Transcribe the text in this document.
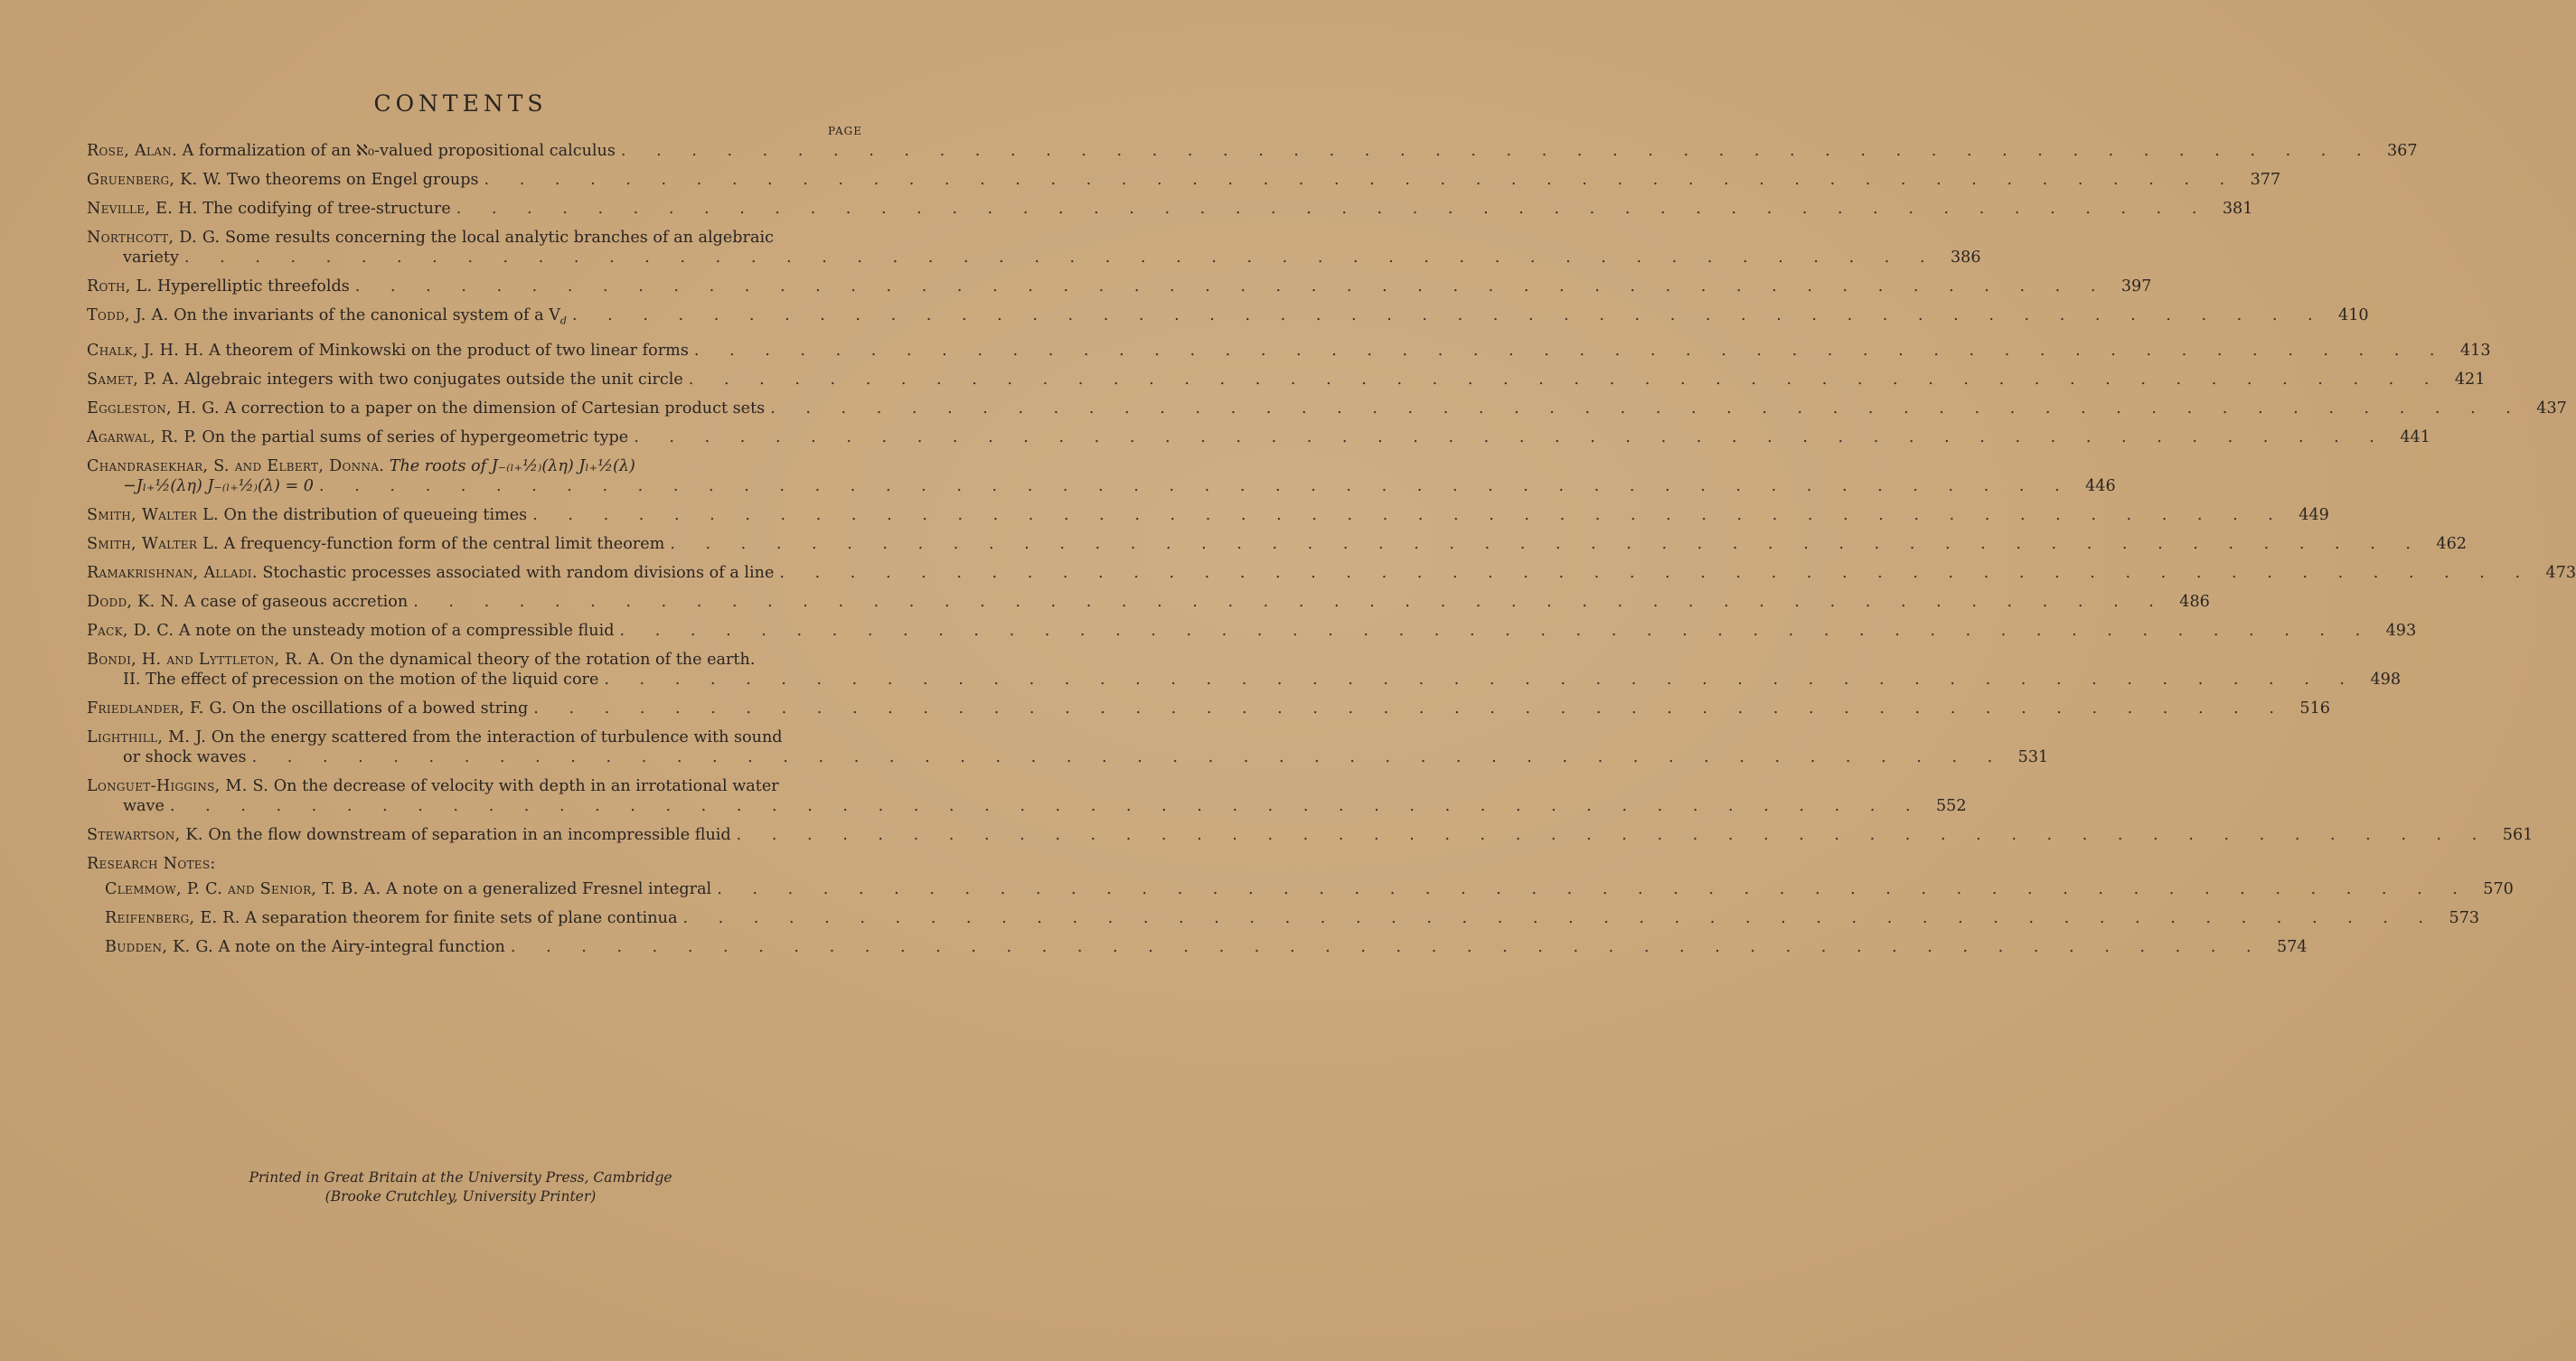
CONTENTS
PAGE
Rose, Alan. A formalization of an ℵ₀-valued propositional calculus . . .	367
Gruenberg, K. W. Two theorems on Engel groups . . .	377
Neville, E. H. The codifying of tree-structure . . .	381
Northcott, D. G. Some results concerning the local analytic branches of an algebraic
variety . . .	386
Roth, L. Hyperelliptic threefolds . . .	397
Todd, J. A. On the invariants of the canonical system of a $V_d$ . . .	410
Chalk, J. H. H. A theorem of Minkowski on the product of two linear forms . . .	413
Samet, P. A. Algebraic integers with two conjugates outside the unit circle . . .	421
Eggleston, H. G. A correction to a paper on the dimension of Cartesian product sets . . .	437
Agarwal, R. P. On the partial sums of series of hypergeometric type . . .	441
Chandrasekhar, S. and Elbert, Donna. The roots of J₋₍ₗ₊½₎(λη) Jₗ₊½(λ)
−Jₗ₊½(λη) J₋₍ₗ₊½₎(λ) = 0 . . .	446
Smith, Walter L. On the distribution of queueing times . . .	449
Smith, Walter L. A frequency-function form of the central limit theorem . . .	462
Ramakrishnan, Alladi. Stochastic processes associated with random divisions of a line . . .	473
Dodd, K. N. A case of gaseous accretion . . .	486
Pack, D. C. A note on the unsteady motion of a compressible fluid . . .	493
Bondi, H. and Lyttleton, R. A. On the dynamical theory of the rotation of the earth.
II. The effect of precession on the motion of the liquid core . . .	498
Friedlander, F. G. On the oscillations of a bowed string . . .	516
Lighthill, M. J. On the energy scattered from the interaction of turbulence with sound
or shock waves . . .	531
Longuet-Higgins, M. S. On the decrease of velocity with depth in an irrotational water
wave . . .	552
Stewartson, K. On the flow downstream of separation in an incompressible fluid . . .	561
Research Notes:
Clemmow, P. C. and Senior, T. B. A. A note on a generalized Fresnel integral . . .	570
Reifenberg, E. R. A separation theorem for finite sets of plane continua . . .	573
Budden, K. G. A note on the Airy-integral function . . .	574
Printed in Great Britain at the University Press, Cambridge
(Brooke Crutchley, University Printer)
